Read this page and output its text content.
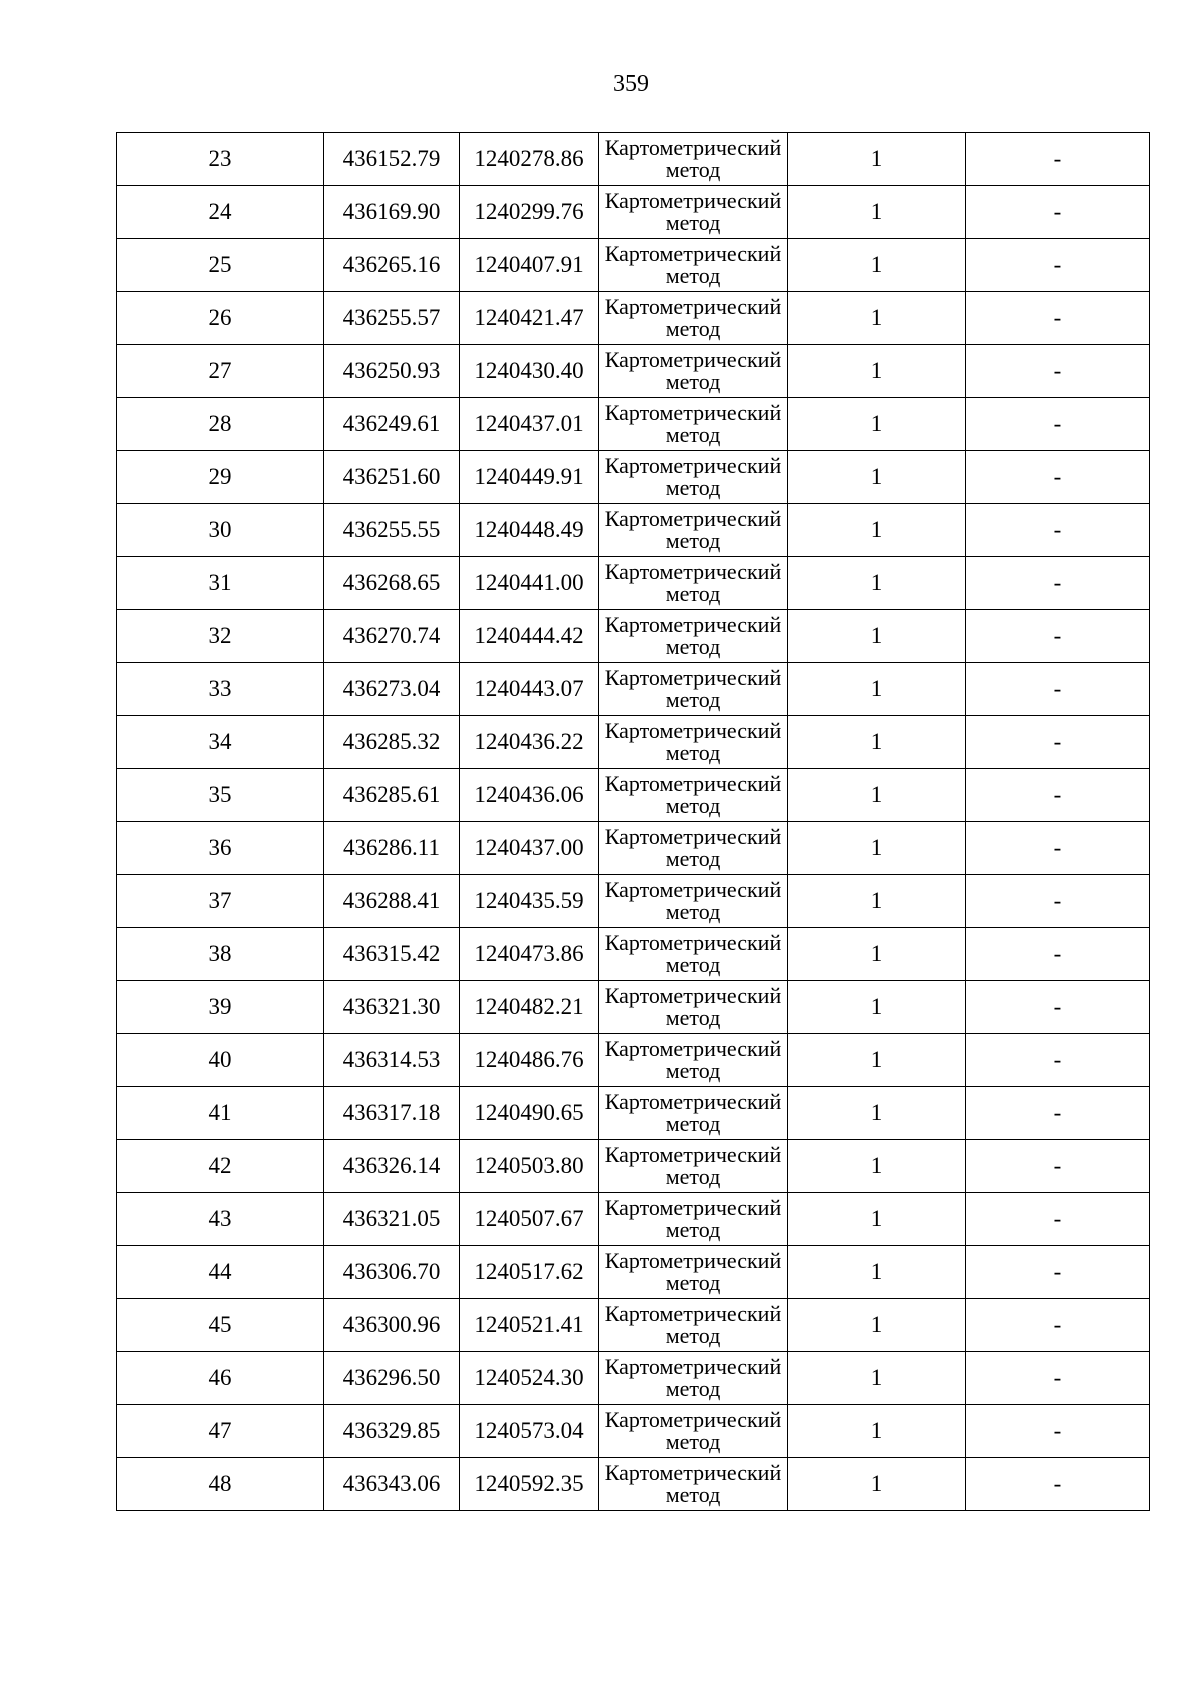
359
23	436152.79	1240278.86	Картометрический метод	1	-
24	436169.90	1240299.76	Картометрический метод	1	-
25	436265.16	1240407.91	Картометрический метод	1	-
26	436255.57	1240421.47	Картометрический метод	1	-
27	436250.93	1240430.40	Картометрический метод	1	-
28	436249.61	1240437.01	Картометрический метод	1	-
29	436251.60	1240449.91	Картометрический метод	1	-
30	436255.55	1240448.49	Картометрический метод	1	-
31	436268.65	1240441.00	Картометрический метод	1	-
32	436270.74	1240444.42	Картометрический метод	1	-
33	436273.04	1240443.07	Картометрический метод	1	-
34	436285.32	1240436.22	Картометрический метод	1	-
35	436285.61	1240436.06	Картометрический метод	1	-
36	436286.11	1240437.00	Картометрический метод	1	-
37	436288.41	1240435.59	Картометрический метод	1	-
38	436315.42	1240473.86	Картометрический метод	1	-
39	436321.30	1240482.21	Картометрический метод	1	-
40	436314.53	1240486.76	Картометрический метод	1	-
41	436317.18	1240490.65	Картометрический метод	1	-
42	436326.14	1240503.80	Картометрический метод	1	-
43	436321.05	1240507.67	Картометрический метод	1	-
44	436306.70	1240517.62	Картометрический метод	1	-
45	436300.96	1240521.41	Картометрический метод	1	-
46	436296.50	1240524.30	Картометрический метод	1	-
47	436329.85	1240573.04	Картометрический метод	1	-
48	436343.06	1240592.35	Картометрический метод	1	-
